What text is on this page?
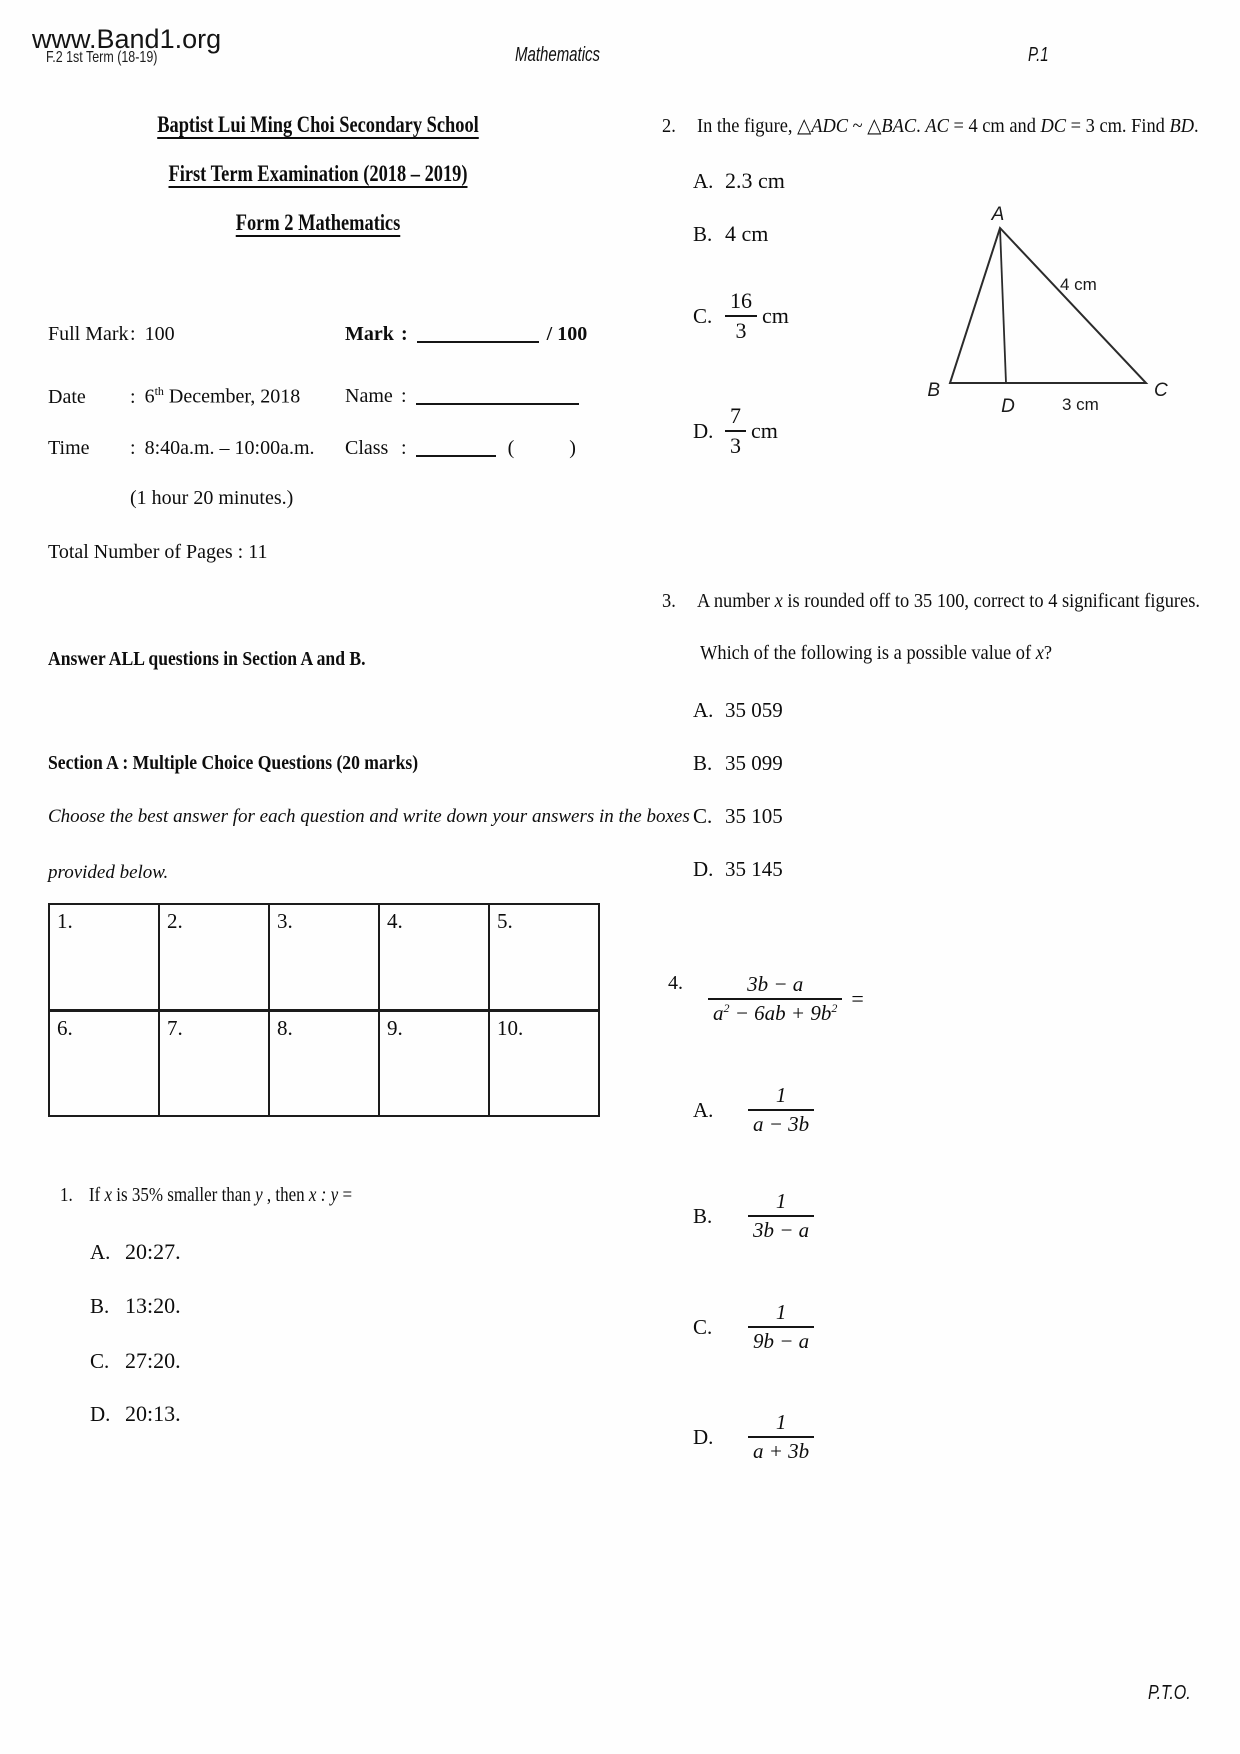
www.Band1.org
F.2 1st Term (18-19)	Mathematics	P.1
Baptist Lui Ming Choi Secondary School
First Term Examination (2018 – 2019)
Form 2 Mathematics
Full Mark: 100
Date : 6th December, 2018
Time : 8:40a.m. – 10:00a.m.
(1 hour 20 minutes.)
Total Number of Pages : 11
Mark :	/ 100
Name :
Class :	(	)
Answer ALL questions in Section A and B.
Section A : Multiple Choice Questions (20 marks)
Choose the best answer for each question and write down your answers in the boxes
provided below.
1.	2.	3.	4.	5.
6.	7.	8.	9.	10.
1. If x is 35% smaller than y , then x : y =
A. 20:27.
B. 13:20.
C. 27:20.
D. 20:13.
2. In the figure, △ADC ~ △BAC. AC = 4 cm and DC = 3 cm. Find BD.
A. 2.3 cm
B. 4 cm
C. $\frac{16}{3}$ cm
D. $\frac{7}{3}$ cm
A
B	C
D
4 cm
3 cm
3. A number x is rounded off to 35 100, correct to 4 significant figures.
Which of the following is a possible value of x?
A. 35 059
B. 35 099
C. 35 105
D. 35 145
4.	$\frac{3b - a}{a^2 - 6ab + 9b^2}$ =
A.	$\frac{1}{a - 3b}$
B.	$\frac{1}{3b - a}$
C.	$\frac{1}{9b - a}$
D.	$\frac{1}{a + 3b}$
P.T.O.
